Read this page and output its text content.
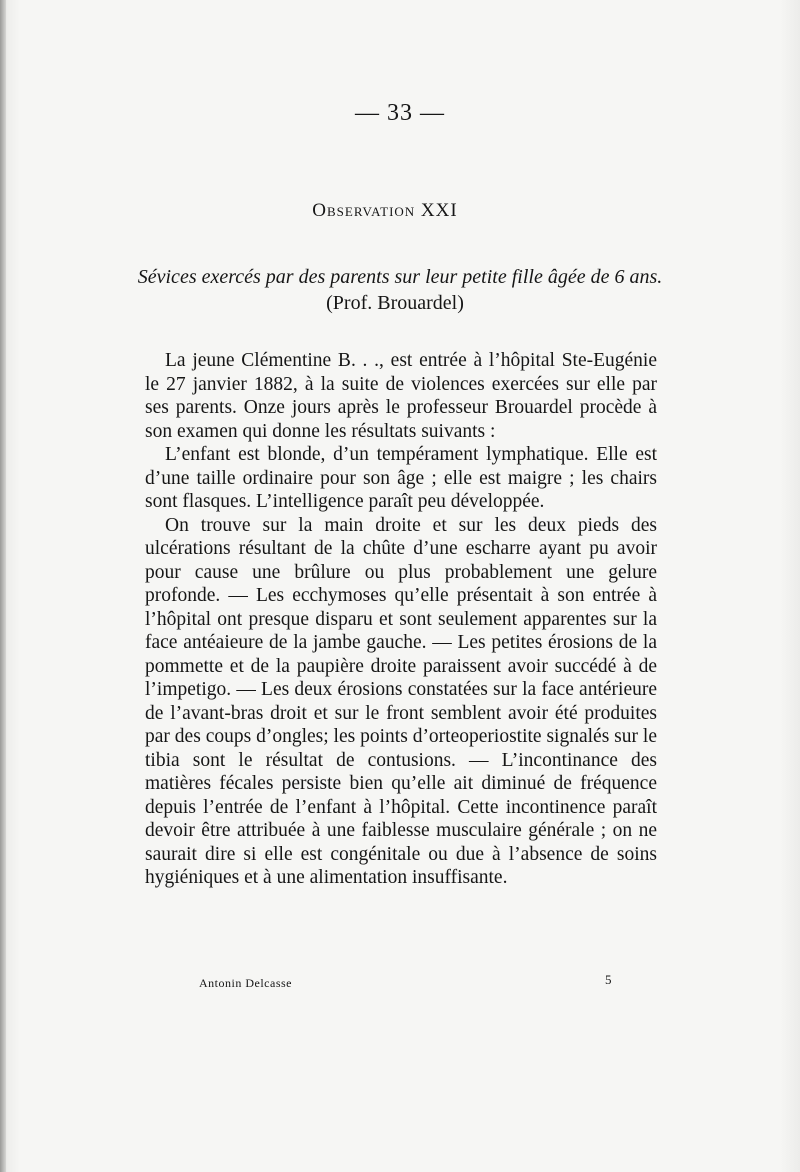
— 33 —
Observation XXI
Sévices exercés par des parents sur leur petite fille âgée de 6 ans.
(Prof. Brouardel)

La jeune Clémentine B. . ., est entrée à l’hôpital Ste-Eugénie le 27 janvier 1882, à la suite de violences exercées sur elle par ses parents. Onze jours après le professeur Brouardel procède à son examen qui donne les résultats suivants :

L’enfant est blonde, d’un tempérament lymphatique. Elle est d’une taille ordinaire pour son âge ; elle est maigre ; les chairs sont flasques. L’intelligence paraît peu développée.

On trouve sur la main droite et sur les deux pieds des ulcérations résultant de la chûte d’une escharre ayant pu avoir pour cause une brûlure ou plus probablement une gelure profonde. — Les ecchymoses qu’elle présentait à son entrée à l’hôpital ont presque disparu et sont seulement apparentes sur la face antéaieure de la jambe gauche. — Les petites érosions de la pommette et de la paupière droite paraissent avoir succédé à de l’impetigo. — Les deux érosions constatées sur la face antérieure de l’avant-bras droit et sur le front semblent avoir été produites par des coups d’ongles; les points d’orteoperiostite signalés sur le tibia sont le résultat de contusions. — L’incontinance des matières fécales persiste bien qu’elle ait diminué de fréquence depuis l’entrée de l’enfant à l’hôpital. Cette incontinence paraît devoir être attribuée à une faiblesse musculaire générale ; on ne saurait dire si elle est congénitale ou due à l’absence de soins hygiéniques et à une alimentation insuffisante.

Antonin Delcasse	5
